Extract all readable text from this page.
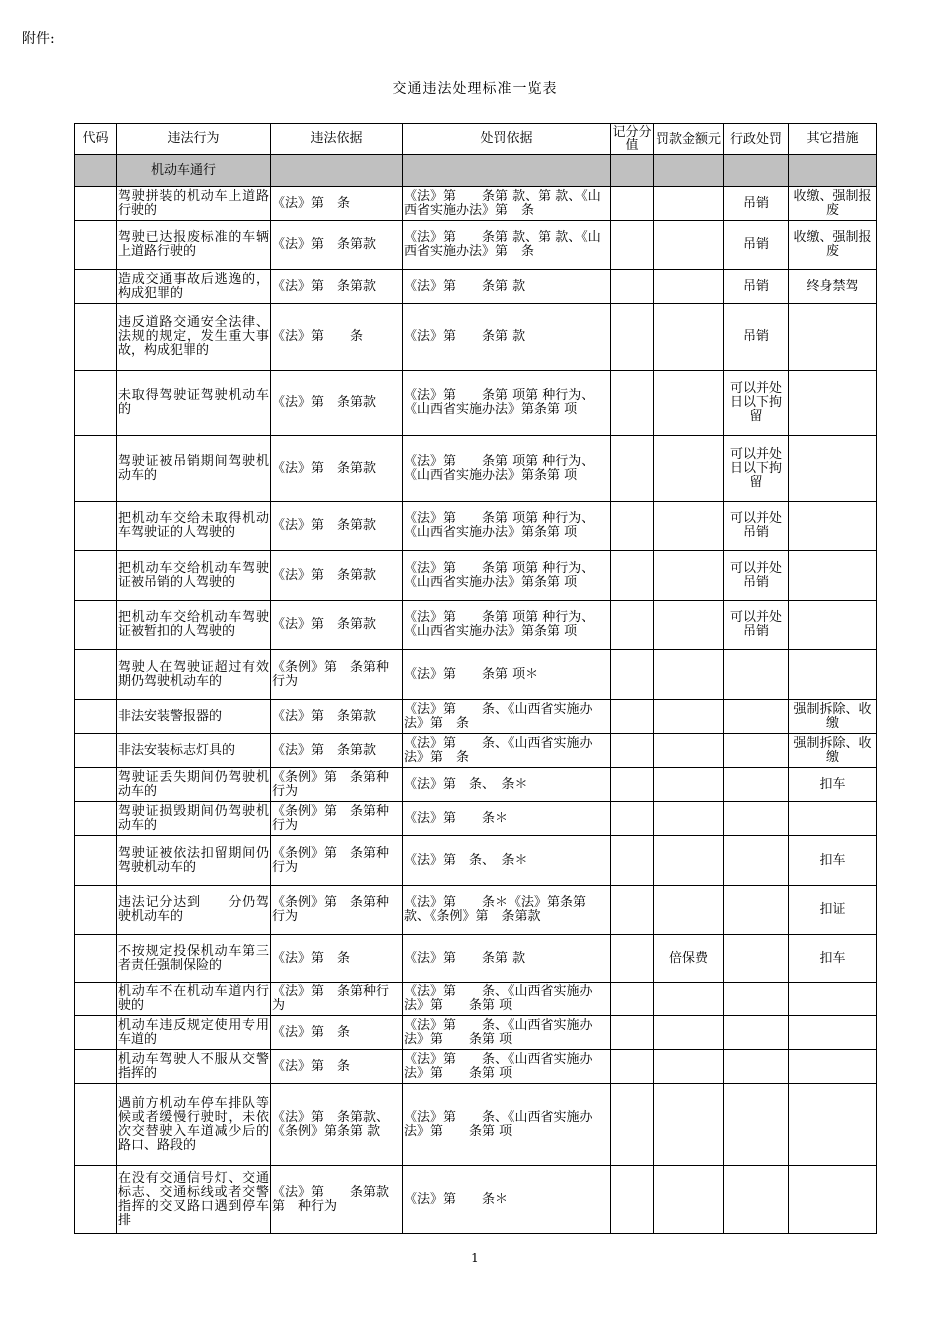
附件:
交通违法处理标准一览表
代码	违法行为	违法依据	处罚依据	记分分值	罚款金额元	行政处罚	其它措施
	机动车通行						
	驾驶拼装的机动车上道路行驶的	《法》第　条	《法》第　　条第 款、第 款、《山西省实施办法》第　条			吊销	收缴、强制报废
	驾驶已达报废标准的车辆上道路行驶的	《法》第　条第款	《法》第　　条第 款、第 款、《山西省实施办法》第　条			吊销	收缴、强制报废
	造成交通事故后逃逸的，构成犯罪的	《法》第　条第款	《法》第　　条第 款			吊销	终身禁驾
	违反道路交通安全法律、法规的规定，发生重大事故，构成犯罪的	《法》第　　条	《法》第　　条第 款			吊销	
	未取得驾驶证驾驶机动车的	《法》第　条第款	《法》第　　条第 项第 种行为、《山西省实施办法》第条第 项			可以并处　日以下拘留	
	驾驶证被吊销期间驾驶机动车的	《法》第　条第款	《法》第　　条第 项第 种行为、《山西省实施办法》第条第 项			可以并处　日以下拘留	
	把机动车交给未取得机动车驾驶证的人驾驶的	《法》第　条第款	《法》第　　条第 项第 种行为、《山西省实施办法》第条第 项			可以并处吊销	
	把机动车交给机动车驾驶证被吊销的人驾驶的	《法》第　条第款	《法》第　　条第 项第 种行为、《山西省实施办法》第条第 项			可以并处吊销	
	把机动车交给机动车驾驶证被暂扣的人驾驶的	《法》第　条第款	《法》第　　条第 项第 种行为、《山西省实施办法》第条第 项			可以并处吊销	
	驾驶人在驾驶证超过有效期仍驾驶机动车的	《条例》第　条第种行为	《法》第　　条第 项＊				
	非法安装警报器的	《法》第　条第款	《法》第　　条、《山西省实施办法》第　条				强制拆除、收缴
	非法安装标志灯具的	《法》第　条第款	《法》第　　条、《山西省实施办法》第　条				强制拆除、收缴
	驾驶证丢失期间仍驾驶机动车的	《条例》第　条第种行为	《法》第　条、　条＊				扣车
	驾驶证损毁期间仍驾驶机动车的	《条例》第　条第种行为	《法》第　　条＊				
	驾驶证被依法扣留期间仍驾驶机动车的	《条例》第　条第种行为	《法》第　条、　条＊				扣车
	违法记分达到　　分仍驾驶机动车的	《条例》第　条第种行为	《法》第　　条＊《法》第条第 款、《条例》第　条第款				扣证
	不按规定投保机动车第三者责任强制保险的	《法》第　条	《法》第　　条第 款		倍保费		扣车
	机动车不在机动车道内行驶的	《法》第　条第种行为	《法》第　　条、《山西省实施办法》第　　条第 项				
	机动车违反规定使用专用车道的	《法》第　条	《法》第　　条、《山西省实施办法》第　　条第 项				
	机动车驾驶人不服从交警指挥的	《法》第　条	《法》第　　条、《山西省实施办法》第　　条第 项				
	遇前方机动车停车排队等候或者缓慢行驶时，未依次交替驶入车道减少后的路口、路段的	《法》第　条第款、《条例》第条第 款	《法》第　　条、《山西省实施办法》第　　条第 项				
	在没有交通信号灯、交通标志、交通标线或者交警指挥的交叉路口遇到停车排	《法》第　　条第款第　种行为	《法》第　　条＊				
1
